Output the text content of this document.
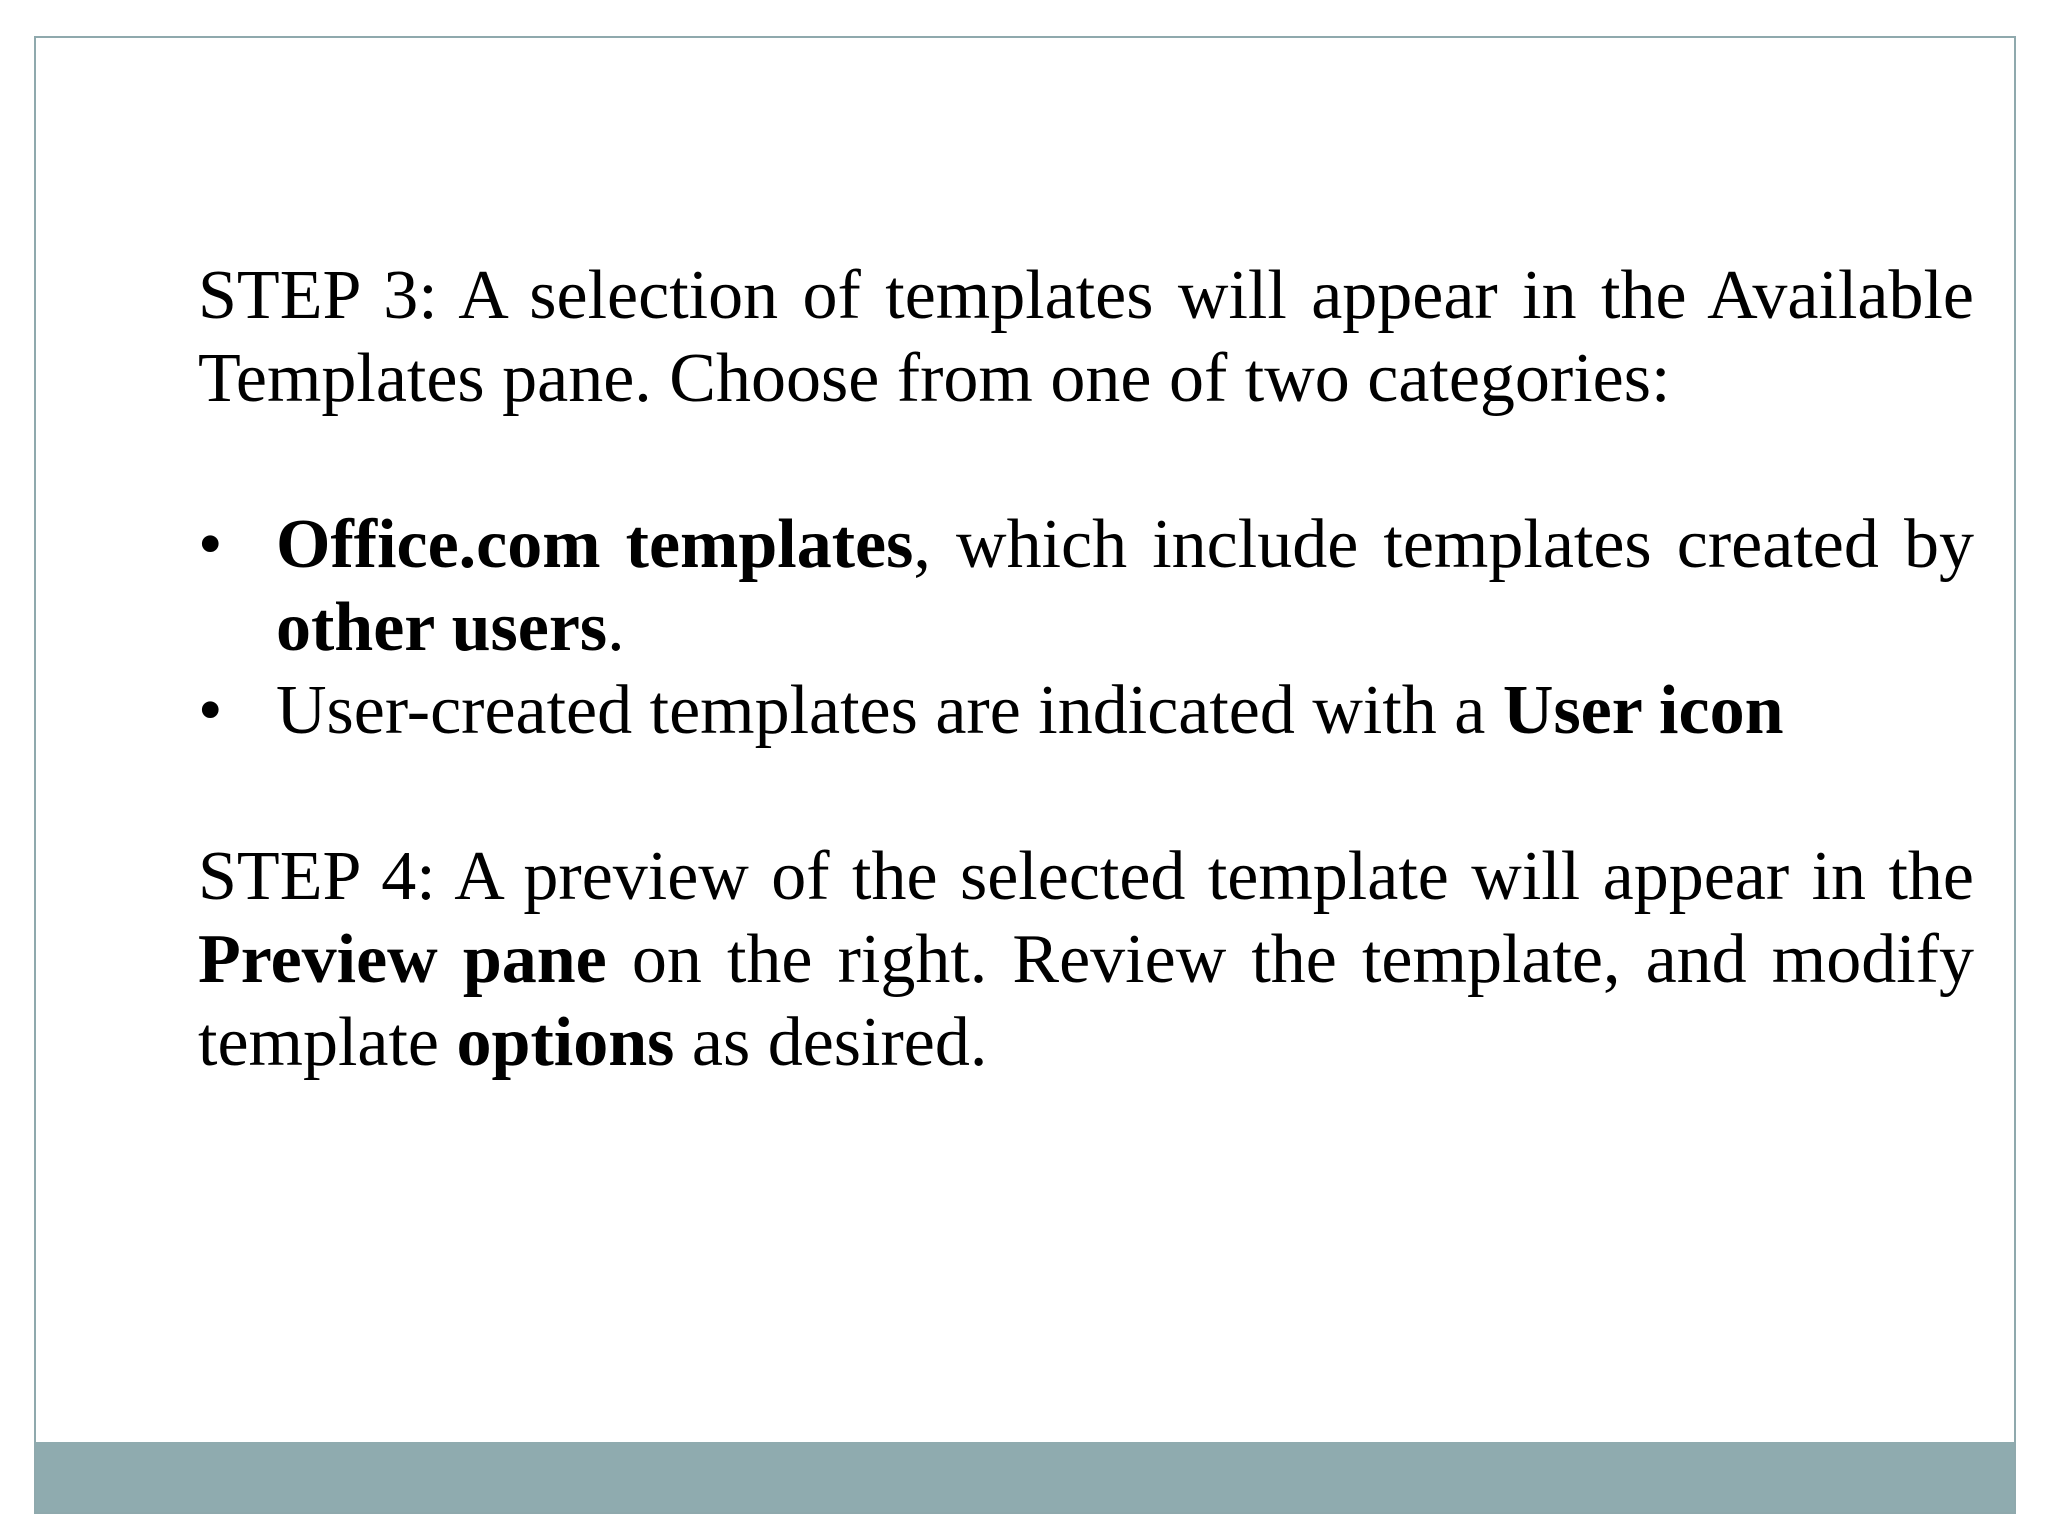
STEP 3: A selection of templates will appear in the Available Templates pane. Choose from one of two categories:

• Office.com templates, which include templates created by other users.
• User-created templates are indicated with a User icon

STEP 4: A preview of the selected template will appear in the Preview pane on the right. Review the template, and modify template options as desired.
